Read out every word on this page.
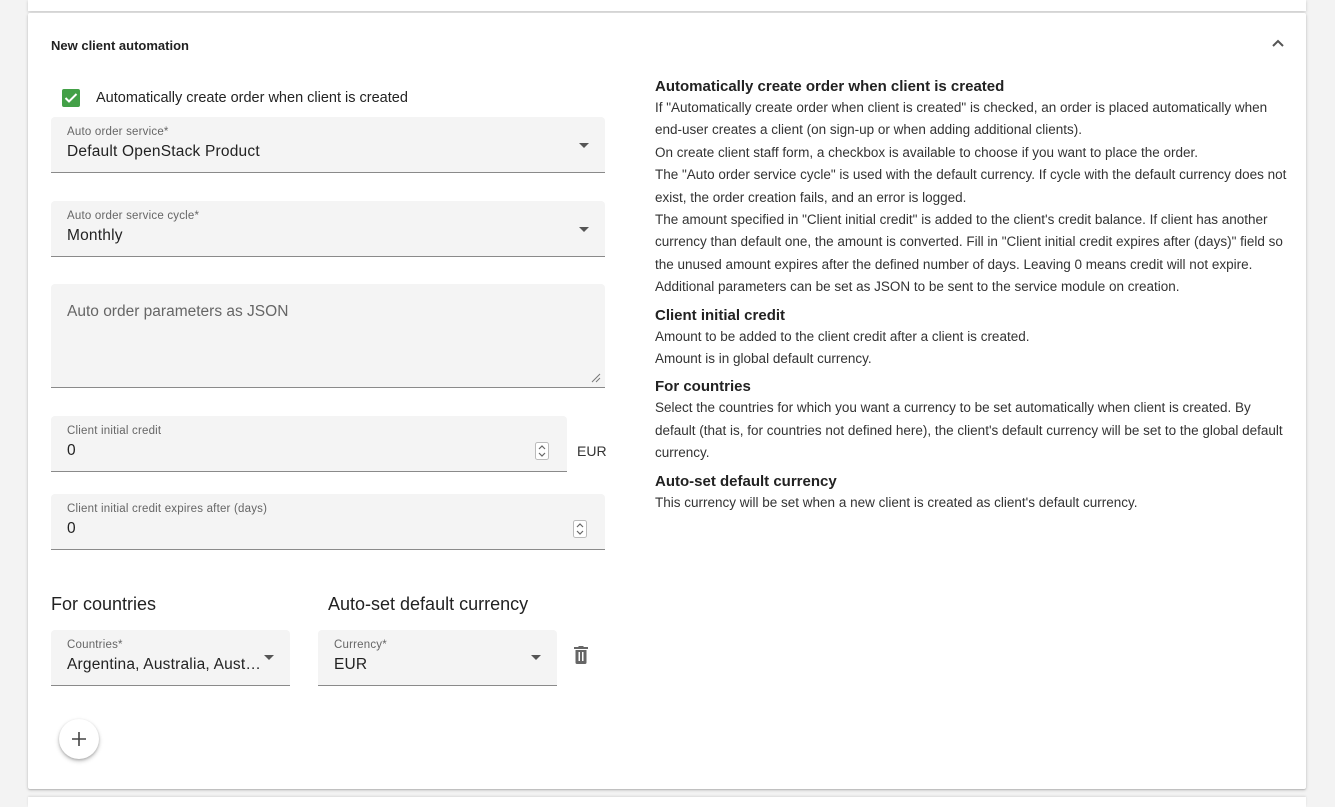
New client automation
Automatically create order when client is created
Auto order service*
Default OpenStack Product
Auto order service cycle*
Monthly
Auto order parameters as JSON
Client initial credit
0	EUR
Client initial credit expires after (days)
0
For countries	Auto-set default currency
Countries*
Argentina, Australia, Austria
Currency*
EUR
Automatically create order when client is created

If "Automatically create order when client is created" is checked, an order is placed automatically when end-user creates a client (on sign-up or when adding additional clients).

On create client staff form, a checkbox is available to choose if you want to place the order.

The "Auto order service cycle" is used with the default currency. If cycle with the default currency does not exist, the order creation fails, and an error is logged.

The amount specified in "Client initial credit" is added to the client's credit balance. If client has another currency than default one, the amount is converted. Fill in "Client initial credit expires after (days)" field so the unused amount expires after the defined number of days. Leaving 0 means credit will not expire.

Additional parameters can be set as JSON to be sent to the service module on creation.

Client initial credit

Amount to be added to the client credit after a client is created.

Amount is in global default currency.

For countries

Select the countries for which you want a currency to be set automatically when client is created. By default (that is, for countries not defined here), the client's default currency will be set to the global default currency.

Auto-set default currency

This currency will be set when a new client is created as client's default currency.
